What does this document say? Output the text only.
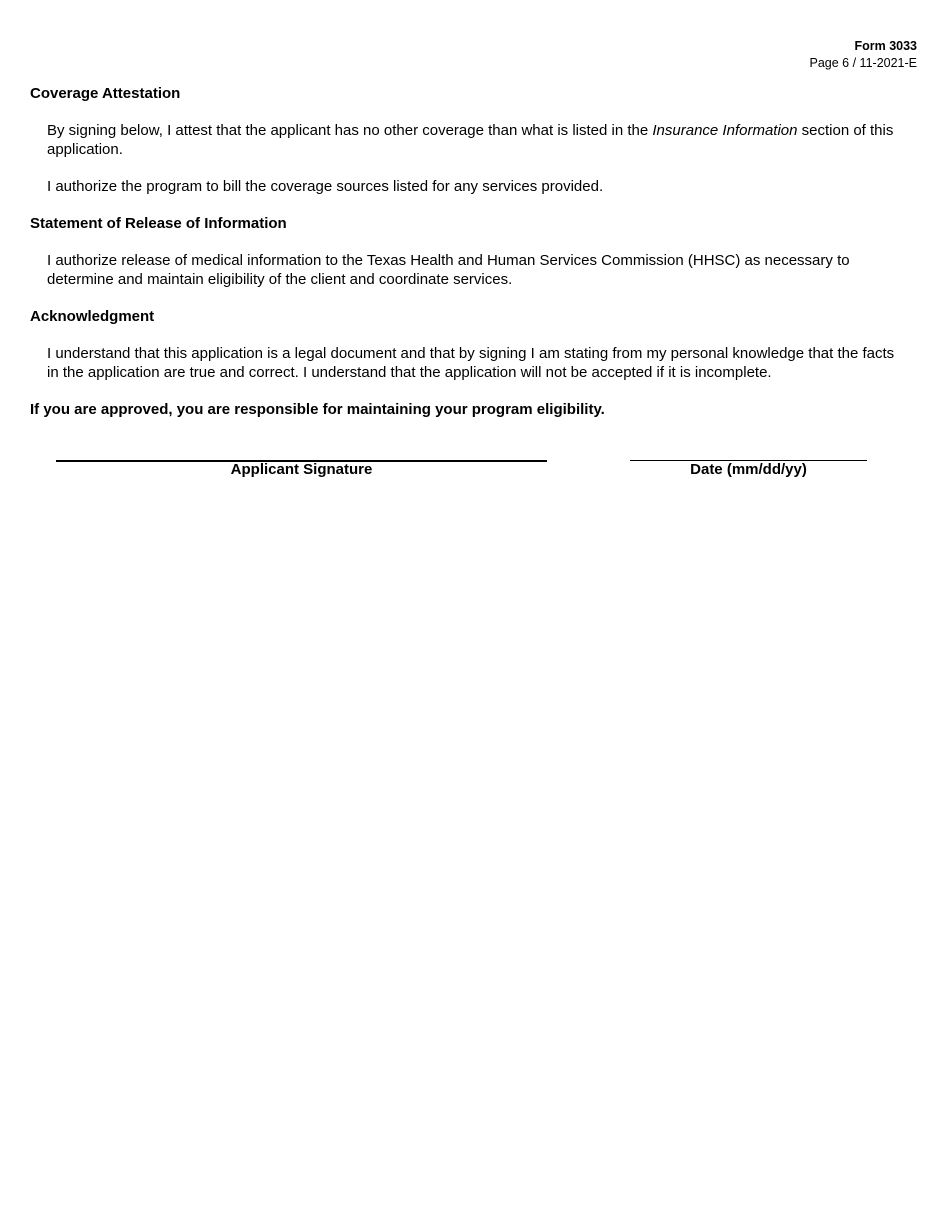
Form 3033
Page 6 / 11-2021-E
Coverage Attestation

By signing below, I attest that the applicant has no other coverage than what is listed in the Insurance Information section of this application.

I authorize the program to bill the coverage sources listed for any services provided.

Statement of Release of Information

I authorize release of medical information to the Texas Health and Human Services Commission (HHSC) as necessary to determine and maintain eligibility of the client and coordinate services.

Acknowledgment

I understand that this application is a legal document and that by signing I am stating from my personal knowledge that the facts in the application are true and correct. I understand that the application will not be accepted if it is incomplete.

If you are approved, you are responsible for maintaining your program eligibility.

Applicant Signature	Date (mm/dd/yy)
